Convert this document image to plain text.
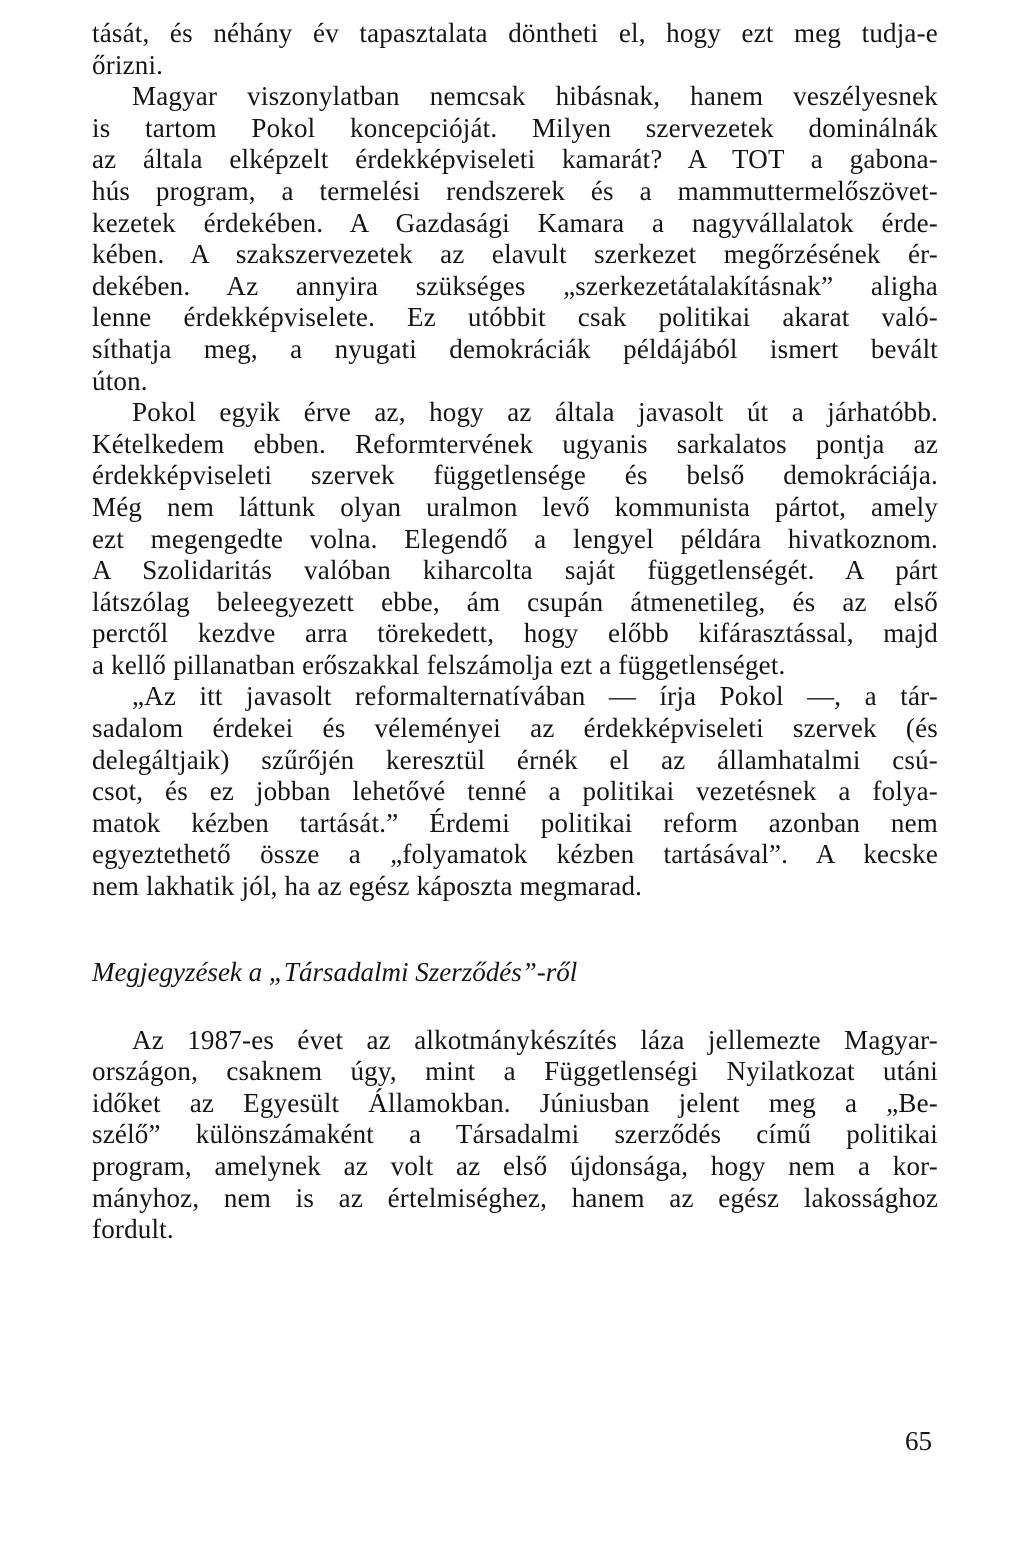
tását, és néhány év tapasztalata döntheti el, hogy ezt meg tudja-e
őrizni.
Magyar viszonylatban nemcsak hibásnak, hanem veszélyesnek
is tartom Pokol koncepcióját. Milyen szervezetek dominálnák
az általa elképzelt érdekképviseleti kamarát? A TOT a gabona-
hús program, a termelési rendszerek és a mammuttermelőszövet-
kezetek érdekében. A Gazdasági Kamara a nagyvállalatok érde-
kében. A szakszervezetek az elavult szerkezet megőrzésének ér-
dekében. Az annyira szükséges „szerkezetátalakításnak” aligha
lenne érdekképviselete. Ez utóbbit csak politikai akarat való-
síthatja meg, a nyugati demokráciák példájából ismert bevált
úton.
Pokol egyik érve az, hogy az általa javasolt út a járhatóbb.
Kételkedem ebben. Reformtervének ugyanis sarkalatos pontja az
érdekképviseleti szervek függetlensége és belső demokráciája.
Még nem láttunk olyan uralmon levő kommunista pártot, amely
ezt megengedte volna. Elegendő a lengyel példára hivatkoznom.
A Szolidaritás valóban kiharcolta saját függetlenségét. A párt
látszólag beleegyezett ebbe, ám csupán átmenetileg, és az első
perctől kezdve arra törekedett, hogy előbb kifárasztással, majd
a kellő pillanatban erőszakkal felszámolja ezt a függetlenséget.
„Az itt javasolt reformalternatívában — írja Pokol —, a tár-
sadalom érdekei és véleményei az érdekképviseleti szervek (és
delegáltjaik) szűrőjén keresztül érnék el az államhatalmi csú-
csot, és ez jobban lehetővé tenné a politikai vezetésnek a folya-
matok kézben tartását.” Érdemi politikai reform azonban nem
egyeztethető össze a „folyamatok kézben tartásával”. A kecske
nem lakhatik jól, ha az egész káposzta megmarad.
Megjegyzések a „Társadalmi Szerződés”-ről
Az 1987-es évet az alkotmánykészítés láza jellemezte Magyar-
országon, csaknem úgy, mint a Függetlenségi Nyilatkozat utáni
időket az Egyesült Államokban. Júniusban jelent meg a „Be-
szélő” különszámaként a Társadalmi szerződés című politikai
program, amelynek az volt az első újdonsága, hogy nem a kor-
mányhoz, nem is az értelmiséghez, hanem az egész lakossághoz
fordult.
65
